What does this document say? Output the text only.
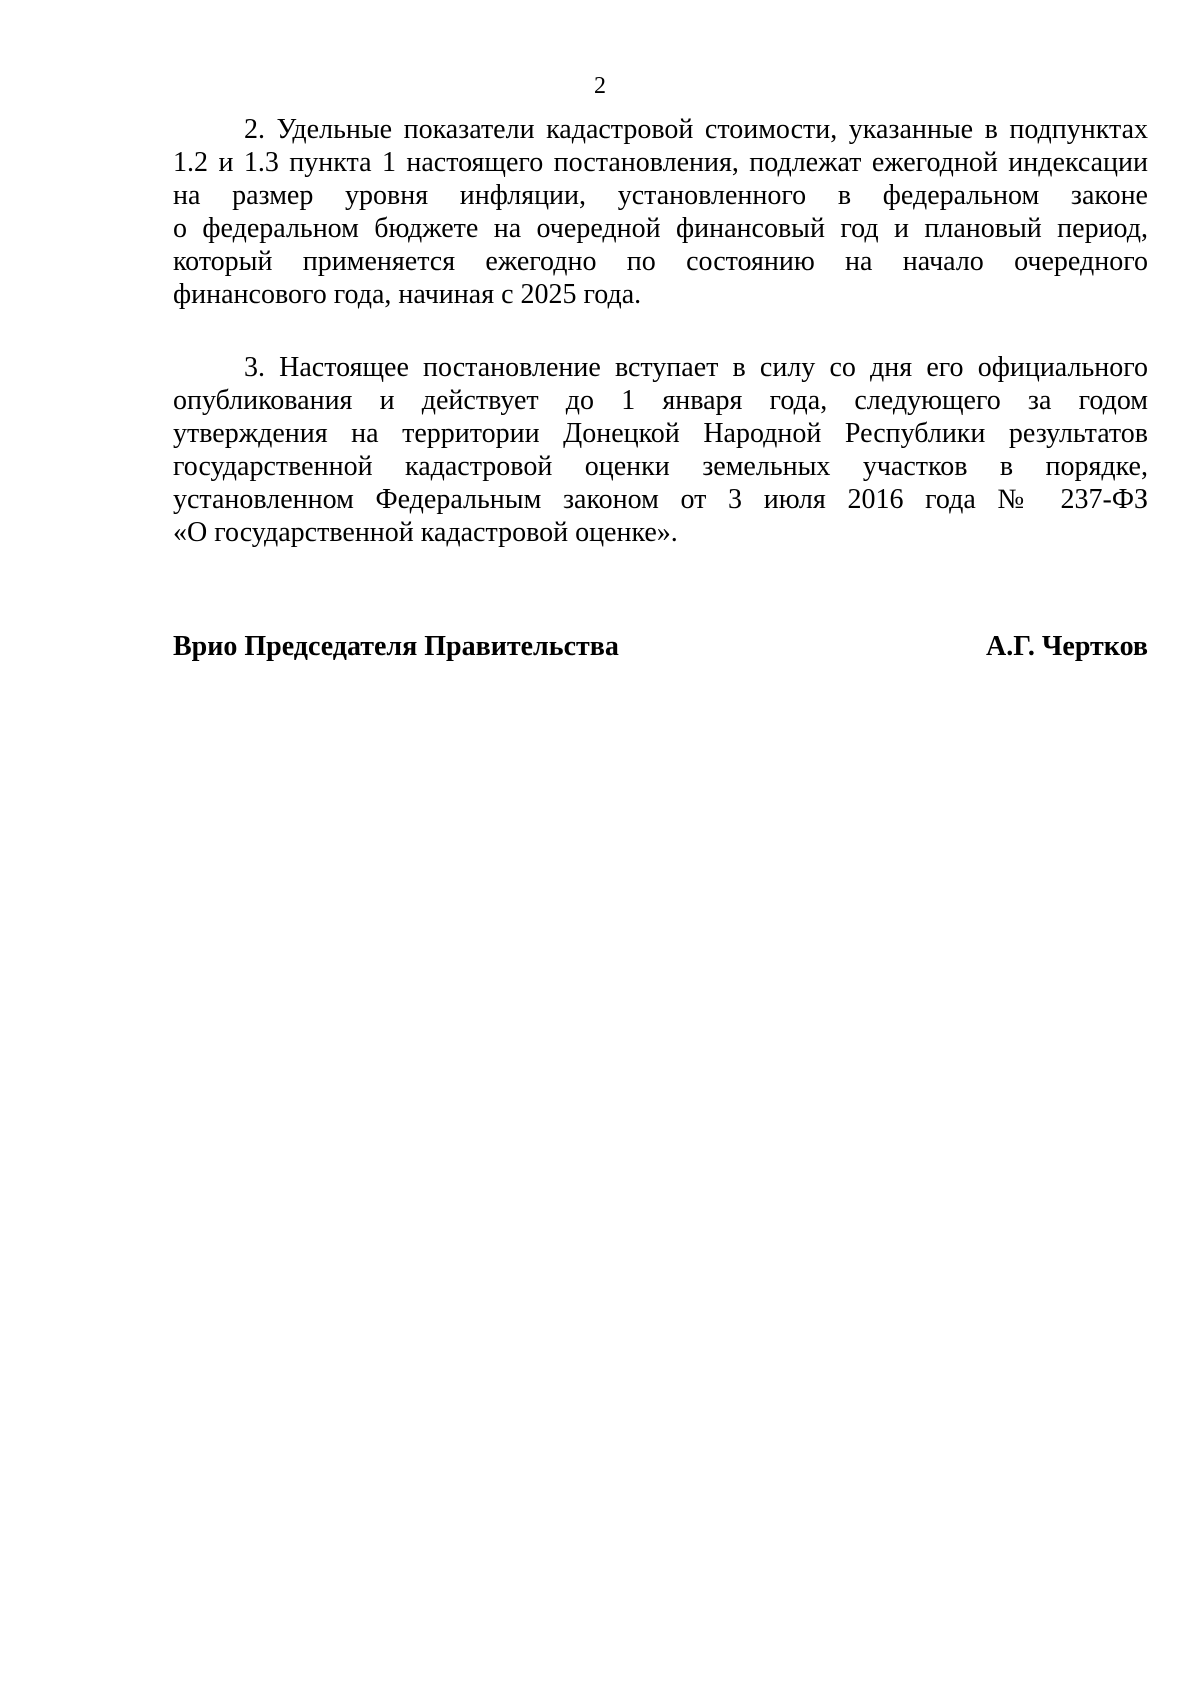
2
2. Удельные показатели кадастровой стоимости, указанные в подпунктах
1.2 и 1.3 пункта 1 настоящего постановления, подлежат ежегодной индексации
на размер уровня инфляции, установленного в федеральном законе
о федеральном бюджете на очередной финансовый год и плановый период,
который применяется ежегодно по состоянию на начало очередного
финансового года, начиная с 2025 года.
3. Настоящее постановление вступает в силу со дня его официального
опубликования и действует до 1 января года, следующего за годом
утверждения на территории Донецкой Народной Республики результатов
государственной кадастровой оценки земельных участков в порядке,
установленном Федеральным законом от 3 июля 2016 года № 237-ФЗ
«О государственной кадастровой оценке».
Врио Председателя Правительства	А.Г. Чертков
